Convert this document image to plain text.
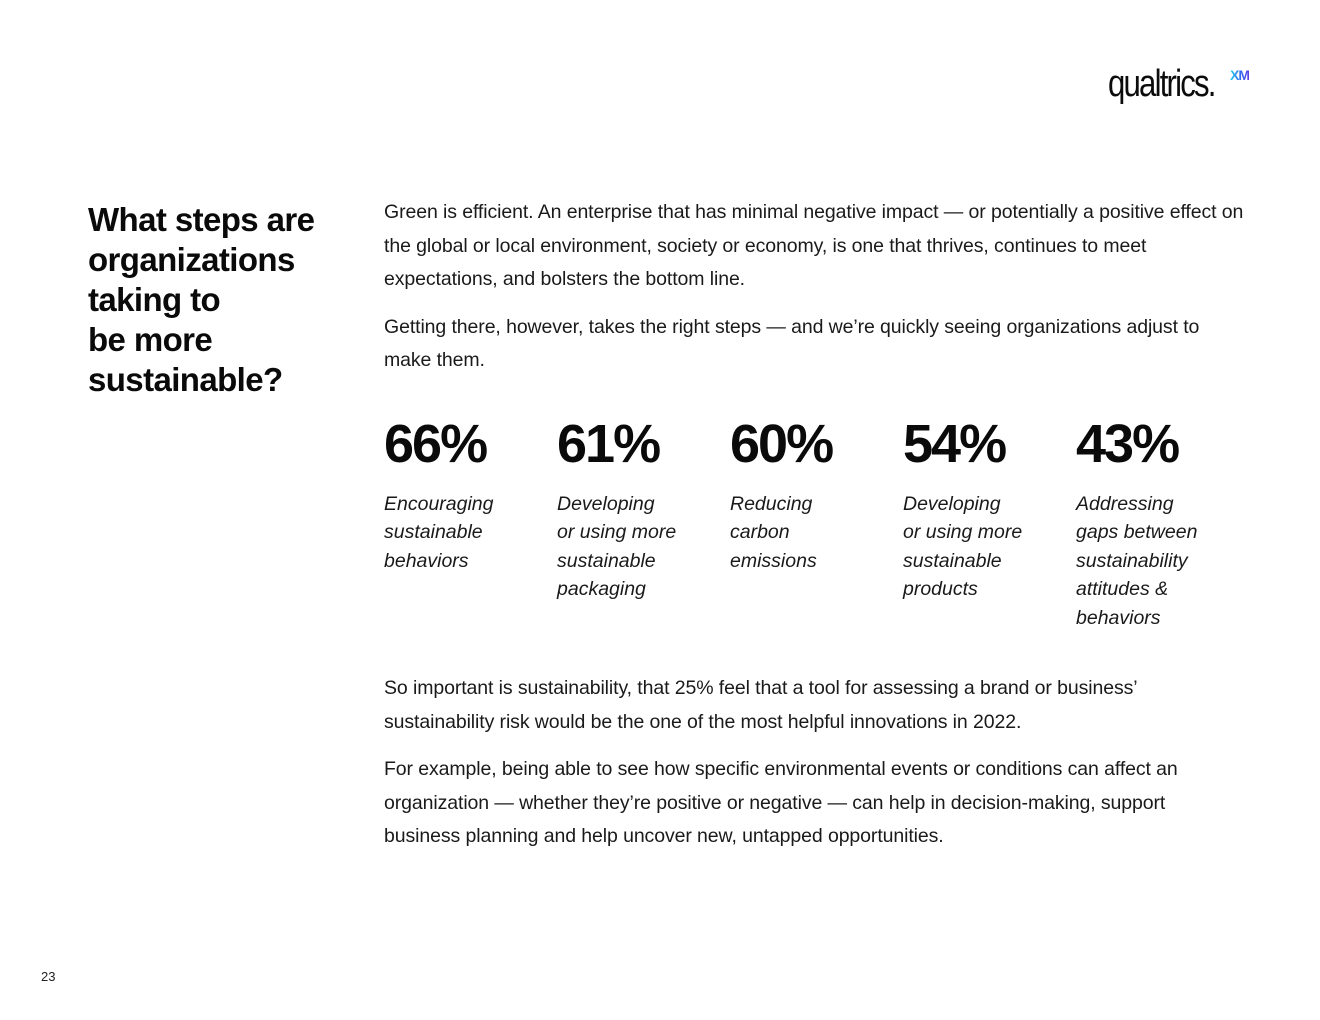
qualtrics. XM
What steps are
organizations
taking to
be more
sustainable?

Green is efficient. An enterprise that has minimal negative impact — or potentially a positive effect on the global or local environment, society or economy, is one that thrives, continues to meet expectations, and bolsters the bottom line.

Getting there, however, takes the right steps — and we’re quickly seeing organizations adjust to make them.

66%
Encouraging
sustainable
behaviors
61%
Developing
or using more
sustainable
packaging
60%
Reducing
carbon
emissions
54%
Developing
or using more
sustainable
products
43%
Addressing
gaps between
sustainability
attitudes &
behaviors

So important is sustainability, that 25% feel that a tool for assessing a brand or business’ sustainability risk would be the one of the most helpful innovations in 2022.

For example, being able to see how specific environmental events or conditions can affect an organization — whether they’re positive or negative — can help in decision-making, support business planning and help uncover new, untapped opportunities.

23
